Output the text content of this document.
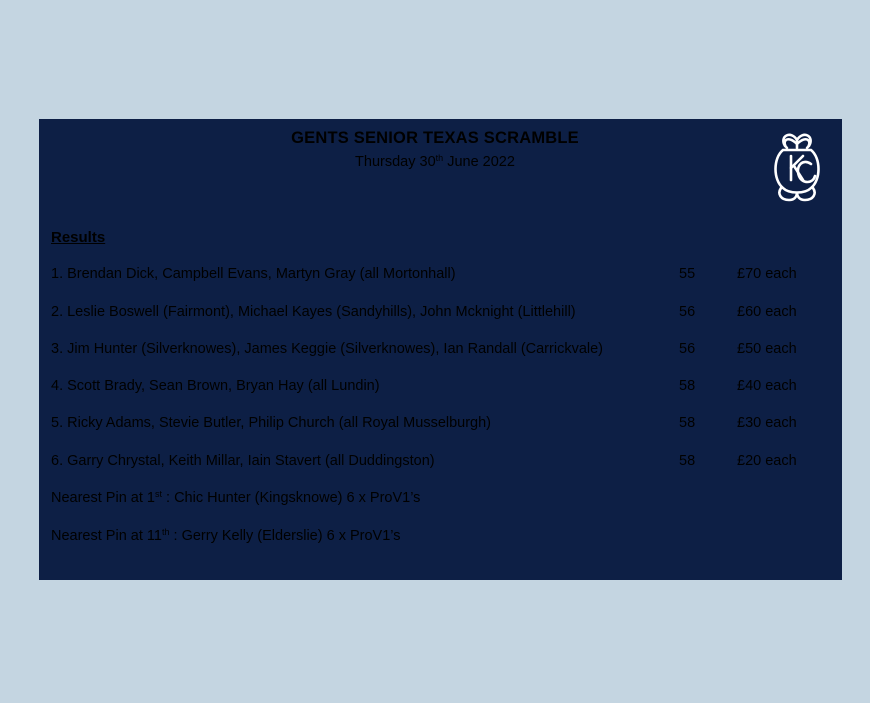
GENTS SENIOR TEXAS SCRAMBLE
Thursday 30th June 2022
KC
Results
1. Brendan Dick, Campbell Evans, Martyn Gray (all Mortonhall)	55	£70 each
2. Leslie Boswell (Fairmont), Michael Kayes (Sandyhills), John Mcknight (Littlehill)	56	£60 each
3. Jim Hunter (Silverknowes), James Keggie (Silverknowes), Ian Randall (Carrickvale)	56	£50 each
4. Scott Brady, Sean Brown, Bryan Hay (all Lundin)	58	£40 each
5. Ricky Adams, Stevie Butler, Philip Church (all Royal Musselburgh)	58	£30 each
6. Garry Chrystal, Keith Millar, Iain Stavert (all Duddingston)	58	£20 each
Nearest Pin at 1st : Chic Hunter (Kingsknowe) 6 x ProV1’s
Nearest Pin at 11th : Gerry Kelly (Elderslie) 6 x ProV1’s
